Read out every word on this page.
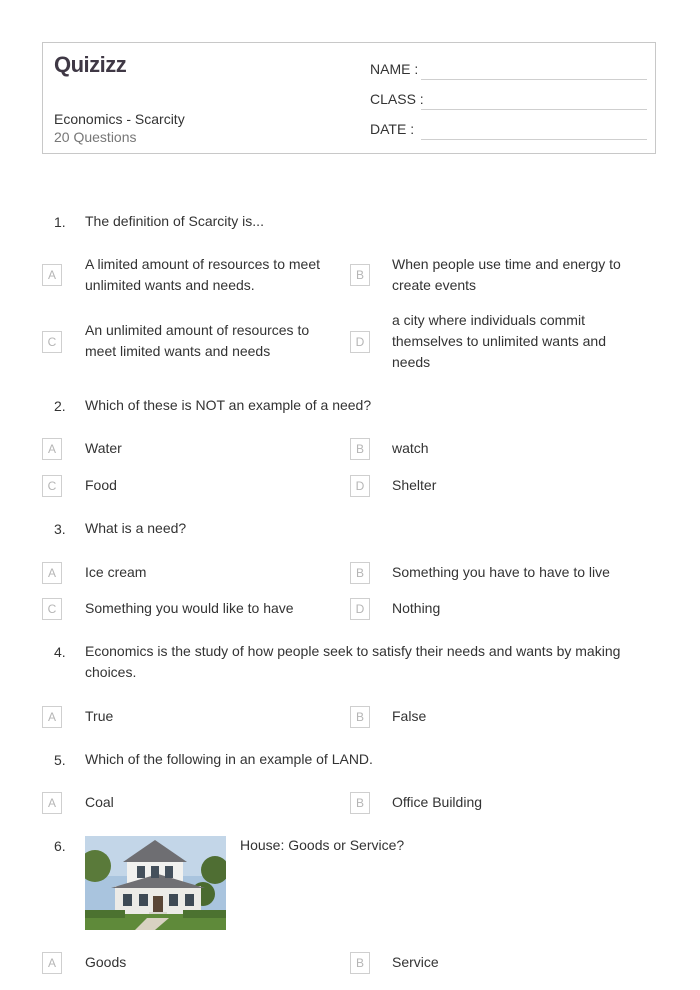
Quizizz
Economics - Scarcity
20 Questions
NAME :
CLASS :
DATE :
1. The definition of Scarcity is...
A
A limited amount of resources to meet unlimited wants and needs.
B
When people use time and energy to create events
C
An unlimited amount of resources to meet limited wants and needs
D
a city where individuals commit themselves to unlimited wants and needs
2. Which of these is NOT an example of a need?
A	Water	B	watch
C	Food	D	Shelter
3. What is a need?
A	Ice cream	B	Something you have to have to live
C	Something you would like to have	D	Nothing
4. Economics is the study of how people seek to satisfy their needs and wants by making choices.
A	True	B	False
5. Which of the following in an example of LAND.
A	Coal	B	Office Building
6.	House: Goods or Service?
A	Goods	B	Service
